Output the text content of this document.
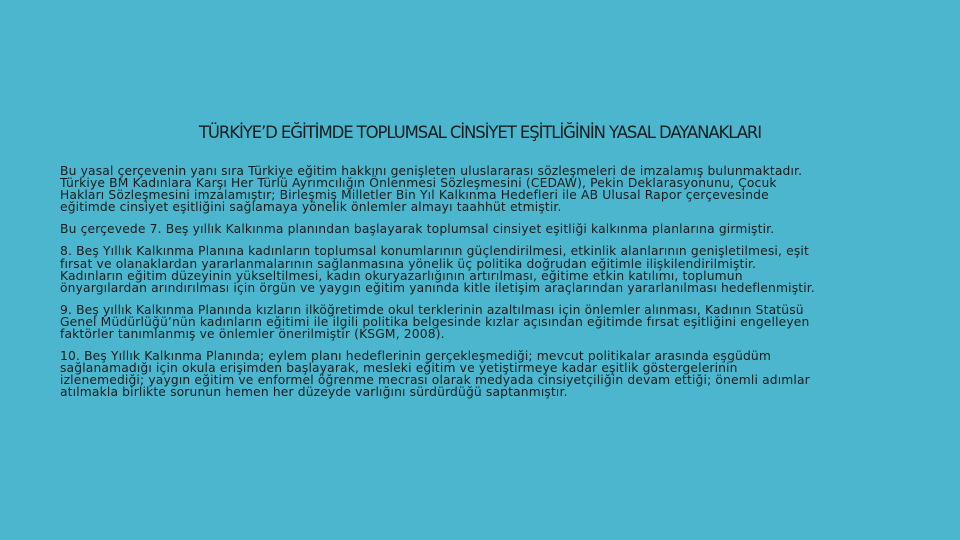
TÜRKİYE’D EĞİTİMDE TOPLUMSAL CİNSİYET EŞİTLİĞİNİN YASAL DAYANAKLARI

Bu yasal çerçevenin yanı sıra Türkiye eğitim hakkını genişleten uluslararası sözleşmeleri de imzalamış bulunmaktadır.
Türkiye BM Kadınlara Karşı Her Türlü Ayrımcılığın Önlenmesi Sözleşmesini (CEDAW), Pekin Deklarasyonunu, Çocuk
Hakları Sözleşmesini imzalamıştır; Birleşmiş Milletler Bin Yıl Kalkınma Hedefleri ile AB Ulusal Rapor çerçevesinde
eğitimde cinsiyet eşitliğini sağlamaya yönelik önlemler almayı taahhüt etmiştir.

Bu çerçevede 7. Beş yıllık Kalkınma planından başlayarak toplumsal cinsiyet eşitliği kalkınma planlarına girmiştir.

8. Beş Yıllık Kalkınma Planına kadınların toplumsal konumlarının güçlendirilmesi, etkinlik alanlarının genişletilmesi, eşit
fırsat ve olanaklardan yararlanmalarının sağlanmasına yönelik üç politika doğrudan eğitimle ilişkilendirilmiştir.
Kadınların eğitim düzeyinin yükseltilmesi, kadın okuryazarlığının artırılması, eğitime etkin katılımı, toplumun
önyargılardan arındırılması için örgün ve yaygın eğitim yanında kitle iletişim araçlarından yararlanılması hedeflenmiştir.

9. Beş yıllık Kalkınma Planında kızların ilköğretimde okul terklerinin azaltılması için önlemler alınması, Kadının Statüsü
Genel Müdürlüğü’nün kadınların eğitimi ile ilgili politika belgesinde kızlar açısından eğitimde fırsat eşitliğini engelleyen
faktörler tanımlanmış ve önlemler önerilmiştir (KSGM, 2008).

10. Beş Yıllık Kalkınma Planında; eylem planı hedeflerinin gerçekleşmediği; mevcut politikalar arasında eşgüdüm
sağlanamadığı için okula erişimden başlayarak, mesleki eğitim ve yetiştirmeye kadar eşitlik göstergelerinin
izlenemediği; yaygın eğitim ve enformel öğrenme mecrası olarak medyada cinsiyetçiliğin devam ettiği; önemli adımlar
atılmakla birlikte sorunun hemen her düzeyde varlığını sürdürdüğü saptanmıştır.
